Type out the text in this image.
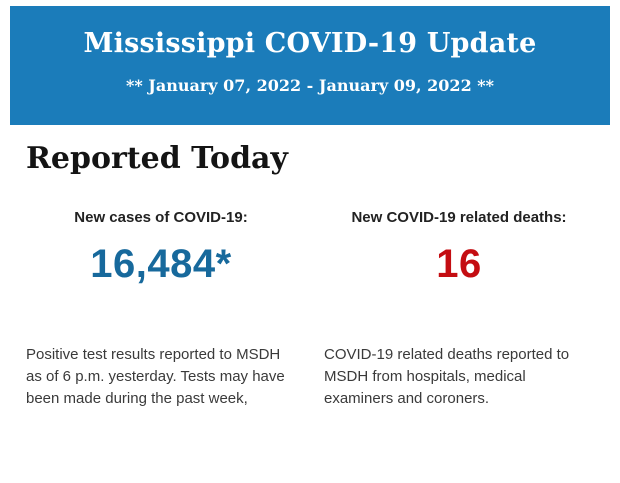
Mississippi COVID-19 Update
** January 07, 2022 - January 09, 2022 **
Reported Today
New cases of COVID-19:
16,484*
Positive test results reported to MSDH as of 6 p.m. yesterday. Tests may have been made during the past week,
New COVID-19 related deaths:
16
COVID-19 related deaths reported to MSDH from hospitals, medical examiners and coroners.
